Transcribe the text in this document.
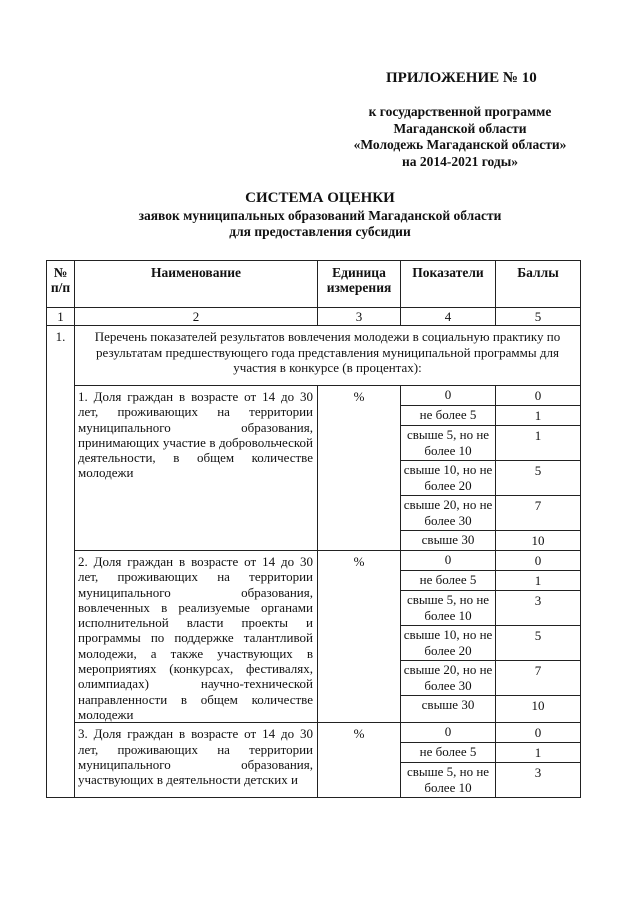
ПРИЛОЖЕНИЕ № 10
к государственной программе
Магаданской области
«Молодежь Магаданской области»
на 2014-2021 годы»
СИСТЕМА ОЦЕНКИ
заявок муниципальных образований Магаданской области
для предоставления субсидии
№ п/п	Наименование	Единица измерения	Показатели	Баллы
1	2	3	4	5
1.	Перечень показателей результатов вовлечения молодежи в социальную практику по результатам предшествующего года представления муниципальной программы для участия в конкурсе (в процентах):			
	1. Доля граждан в возрасте от 14 до 30 лет, проживающих на территории муниципального образования, принимающих участие в добровольческой деятельности, в общем количестве молодежи	%	0	0
			не более 5	1
			свыше 5, но не более 10	1
			свыше 10, но не более 20	5
			свыше 20, но не более 30	7
			свыше 30	10
	2. Доля граждан в возрасте от 14 до 30 лет, проживающих на территории муниципального образования, вовлеченных в реализуемые органами исполнительной власти проекты и программы по поддержке талантливой молодежи, а также участвующих в мероприятиях (конкурсах, фестивалях, олимпиадах) научно-технической направленности в общем количестве молодежи	%	0	0
			не более 5	1
			свыше 5, но не более 10	3
			свыше 10, но не более 20	5
			свыше 20, но не более 30	7
			свыше 30	10
	3. Доля граждан в возрасте от 14 до 30 лет, проживающих на территории муниципального образования, участвующих в деятельности детских и	%	0	0
			не более 5	1
			свыше 5, но не более 10	3
